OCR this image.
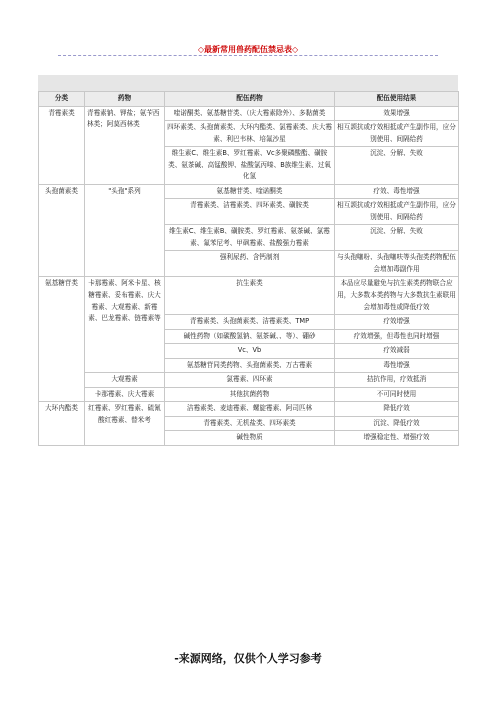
◇最新常用兽药配伍禁忌表◇
分类	药物	配伍药物	配伍使用结果
青霉素类	青霉素钠、钾盐；氨苄西林类；阿莫西林类	喹诺酮类、氨基糖苷类、（庆大霉素除外）、多黏菌类	效果增强
		四环素类、头孢菌素类、大环内酯类、氯霉素类、庆大霉素、利巴韦林、培氟沙星	相互颉抗或疗效相抵或产生副作用，应分别使用、间隔给药
		维生素C、维生素B、罗红霉素、Vc多聚磷酸酯、磺胺类、氨茶碱、高锰酸钾、盐酸氯丙嗪、B族维生素、过氧化氢	沉淀、分解、失败
头孢菌素类	"头孢"系列	氨基糖苷类、喹诺酮类	疗效、毒性增强
		青霉素类、洁霉素类、四环素类、磺胺类	相互颉抗或疗效相抵或产生副作用，应分别使用、间隔给药
		维生素C、维生素B、磺胺类、罗红霉素、氨茶碱、氯霉素、氟苯尼考、甲砜霉素、盐酸强力霉素	沉淀、分解、失败
		强利尿药、含钙制剂	与头孢噻吩、头孢噻呋等头孢类药物配伍会增加毒副作用
氨基糖苷类	卡那霉素、阿米卡星、核糖霉素、妥布霉素、庆大霉素、大观霉素、新霉素、巴龙霉素、链霉素等	抗生素类	本品应尽量避免与抗生素类药物联合应用，大多数本类药物与大多数抗生素联用会增加毒性或降低疗效
		青霉素类、头孢菌素类、洁霉素类、TMP	疗效增强
		碱性药物（如碳酸氢钠、氨茶碱、、等）、硼砂	疗效增强，但毒性也同时增强
		Vc、Vb	疗效减弱
		氨基糖苷同类药物、头孢菌素类、万古霉素	毒性增强
	大观霉素	氯霉素、四环素	拮抗作用，疗效抵消
	卡那霉素、庆大霉素	其他抗菌药物	不可同时使用
大环内酯类	红霉素、罗红霉素、硫氰酸红霉素、替米考	洁霉素类、麦迪霉素、螺旋霉素、阿司匹林	降低疗效
		青霉素类、无机盐类、四环素类	沉淀、降低疗效
		碱性物质	增强稳定性、增强疗效
-来源网络，仅供个人学习参考
